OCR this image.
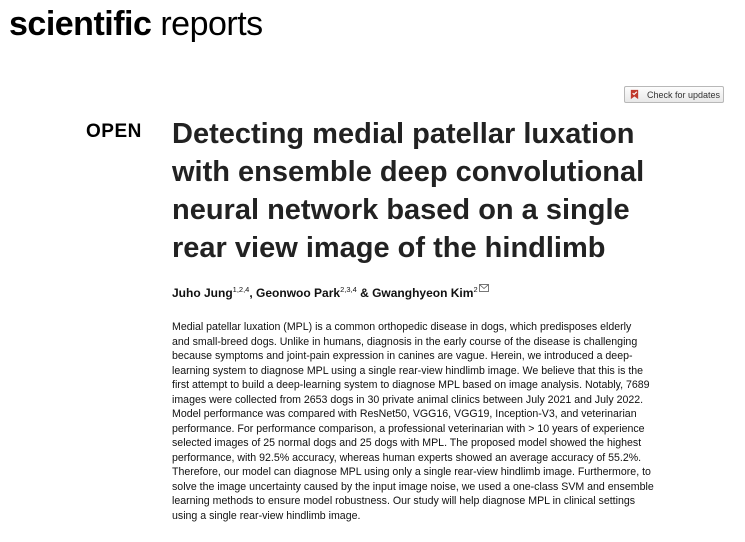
scientific reports
Check for updates
OPEN Detecting medial patellar luxation
with ensemble deep convolutional
neural network based on a single
rear view image of the hindlimb
Juho Jung$^{1,2,4}$, Geonwoo Park$^{2,3,4}$ & Gwanghyeon Kim$^2$
Medial patellar luxation (MPL) is a common orthopedic disease in dogs, which predisposes elderly
and small-breed dogs. Unlike in humans, diagnosis in the early course of the disease is challenging
because symptoms and joint-pain expression in canines are vague. Herein, we introduced a deep-
learning system to diagnose MPL using a single rear-view hindlimb image. We believe that this is the
first attempt to build a deep-learning system to diagnose MPL based on image analysis. Notably, 7689
images were collected from 2653 dogs in 30 private animal clinics between July 2021 and July 2022.
Model performance was compared with ResNet50, VGG16, VGG19, Inception-V3, and veterinarian
performance. For performance comparison, a professional veterinarian with > 10 years of experience
selected images of 25 normal dogs and 25 dogs with MPL. The proposed model showed the highest
performance, with 92.5% accuracy, whereas human experts showed an average accuracy of 55.2%.
Therefore, our model can diagnose MPL using only a single rear-view hindlimb image. Furthermore, to
solve the image uncertainty caused by the input image noise, we used a one-class SVM and ensemble
learning methods to ensure model robustness. Our study will help diagnose MPL in clinical settings
using a single rear-view hindlimb image.
